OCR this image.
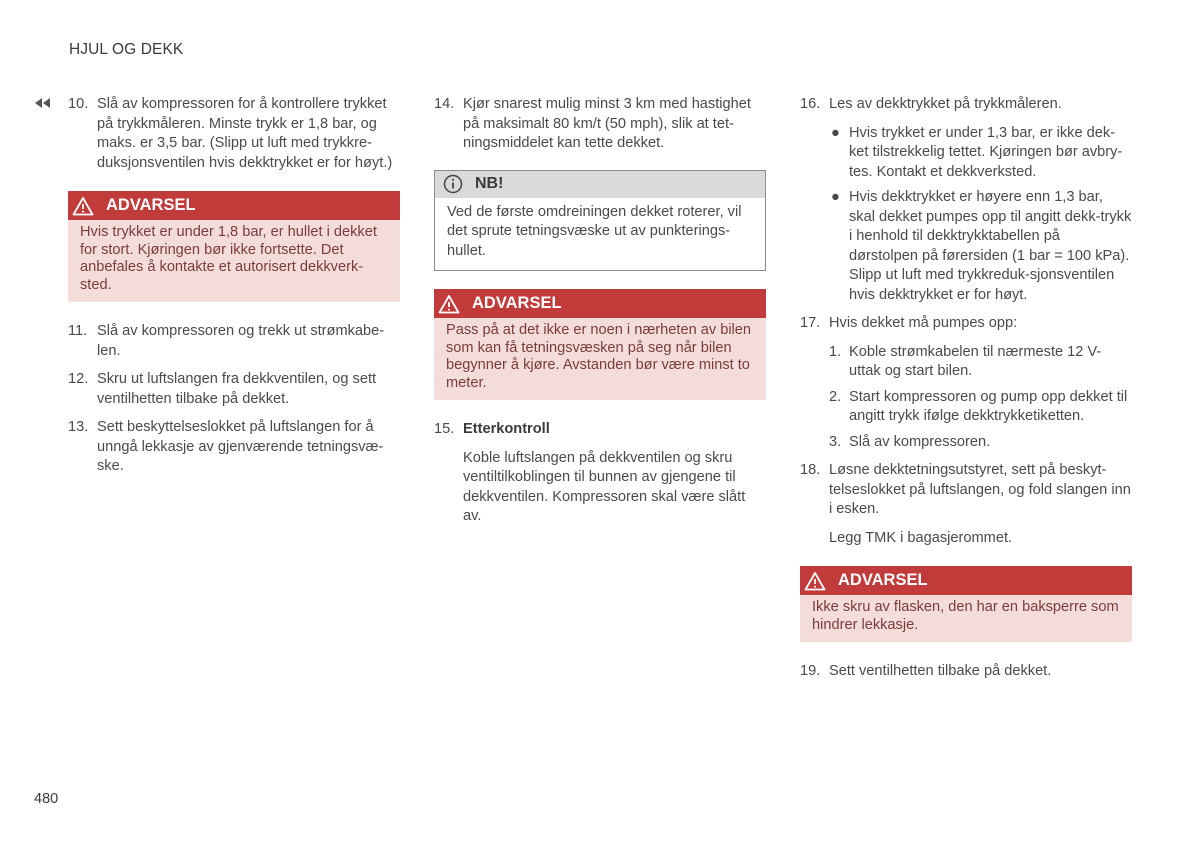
HJUL OG DEKK
10. Slå av kompressoren for å kontrollere trykket på trykkmåleren. Minste trykk er 1,8 bar, og maks. er 3,5 bar. (Slipp ut luft med trykkre-duksjonsventilen hvis dekktrykket er for høyt.)
ADVARSEL
Hvis trykket er under 1,8 bar, er hullet i dekket for stort. Kjøringen bør ikke fortsette. Det anbefales å kontakte et autorisert dekkverk-sted.
11. Slå av kompressoren og trekk ut strømkabe-len.
12. Skru ut luftslangen fra dekkventilen, og sett ventilhetten tilbake på dekket.
13. Sett beskyttelseslokket på luftslangen for å unngå lekkasje av gjenværende tetningsvæ-ske.
14. Kjør snarest mulig minst 3 km med hastighet på maksimalt 80 km/t (50 mph), slik at tet-ningsmiddelet kan tette dekket.
NB!
Ved de første omdreiningen dekket roterer, vil det sprute tetningsvæske ut av punkterings-hullet.
ADVARSEL
Pass på at det ikke er noen i nærheten av bilen som kan få tetningsvæsken på seg når bilen begynner å kjøre. Avstanden bør være minst to meter.
15. Etterkontroll
Koble luftslangen på dekkventilen og skru ventiltilkoblingen til bunnen av gjengene til dekkventilen. Kompressoren skal være slått av.
16. Les av dekktrykket på trykkmåleren.
● Hvis trykket er under 1,3 bar, er ikke dek-ket tilstrekkelig tettet. Kjøringen bør avbry-tes. Kontakt et dekkverksted.
● Hvis dekktrykket er høyere enn 1,3 bar, skal dekket pumpes opp til angitt dekk-trykk i henhold til dekktrykktabellen på dørstolpen på førersiden (1 bar = 100 kPa). Slipp ut luft med trykkreduk-sjonsventilen hvis dekktrykket er for høyt.
17. Hvis dekket må pumpes opp:
1. Koble strømkabelen til nærmeste 12 V-uttak og start bilen.
2. Start kompressoren og pump opp dekket til angitt trykk ifølge dekktrykketiketten.
3. Slå av kompressoren.
18. Løsne dekktetningsutstyret, sett på beskyt-telseslokket på luftslangen, og fold slangen inn i esken.
Legg TMK i bagasjerommet.
ADVARSEL
Ikke skru av flasken, den har en baksperre som hindrer lekkasje.
19. Sett ventilhetten tilbake på dekket.
480
